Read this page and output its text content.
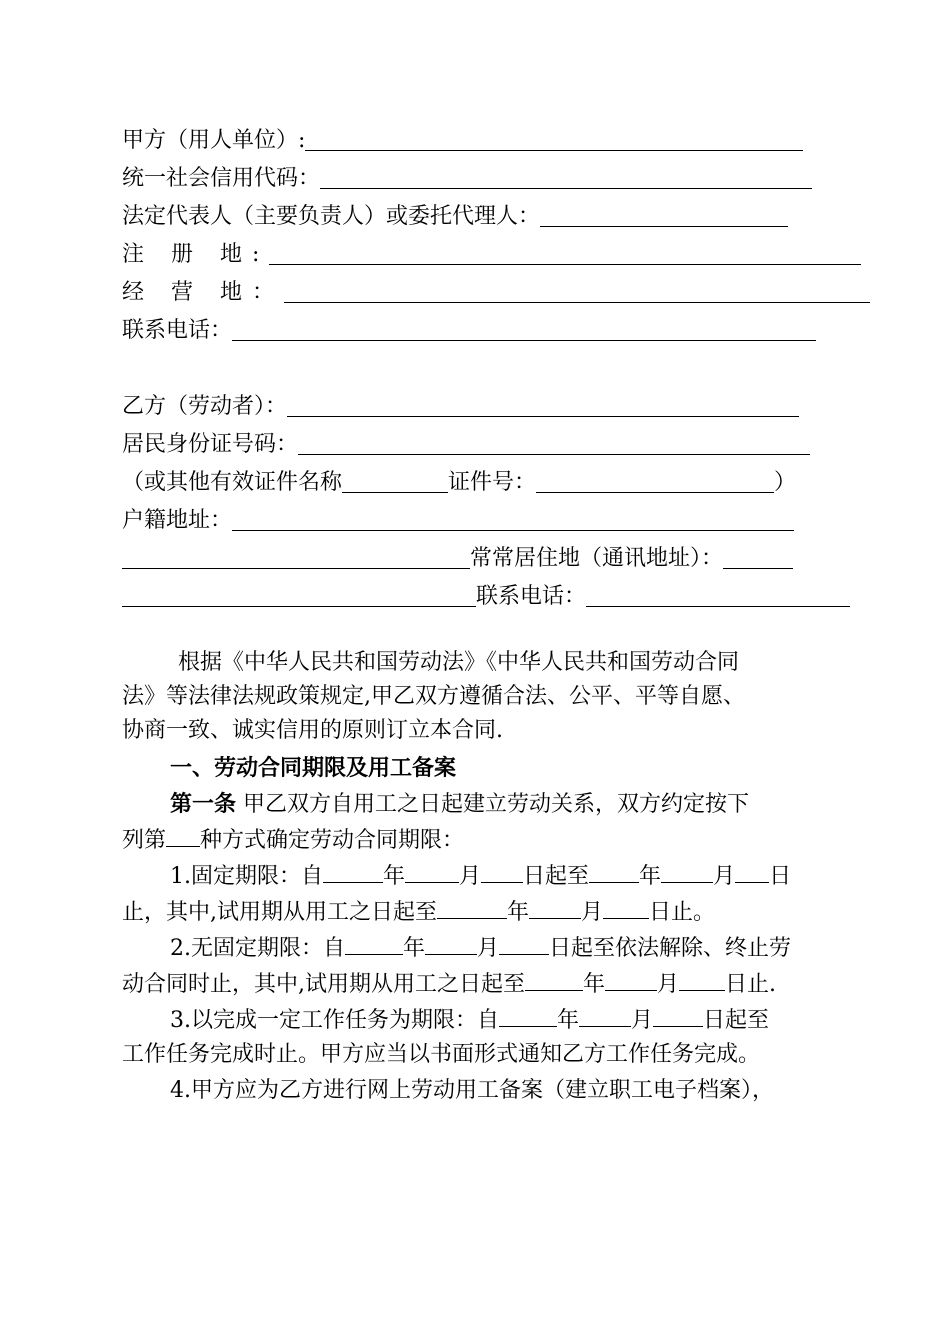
甲方（用人单位）:
统一社会信用代码：
法定代表人（主要负责人）或委托代理人：
注 册 地:
经 营 地：
联系电话：
乙方（劳动者）：
居民身份证号码：
（或其他有效证件名称	证件号：	）
户籍地址：
常常居住地（通讯地址）：
联系电话：
根据《中华人民共和国劳动法》《中华人民共和国劳动合同
法》等法律法规政策规定,甲乙双方遵循合法、公平、平等自愿、
协商一致、诚实信用的原则订立本合同.
一、劳动合同期限及用工备案
第一条 甲乙双方自用工之日起建立劳动关系，双方约定按下
列第 种方式确定劳动合同期限：
1.固定期限：自	年 月 日起至 年 月 日
止，其中,试用期从用工之日起至	年 月 日止。
2.无固定期限：自	年 月 日起至依法解除、终止劳
动合同时止，其中,试用期从用工之日起至	年 月 日止.
3.以完成一定工作任务为期限：自	年 月 日起至
工作任务完成时止。甲方应当以书面形式通知乙方工作任务完成。
4.甲方应为乙方进行网上劳动用工备案（建立职工电子档案），
